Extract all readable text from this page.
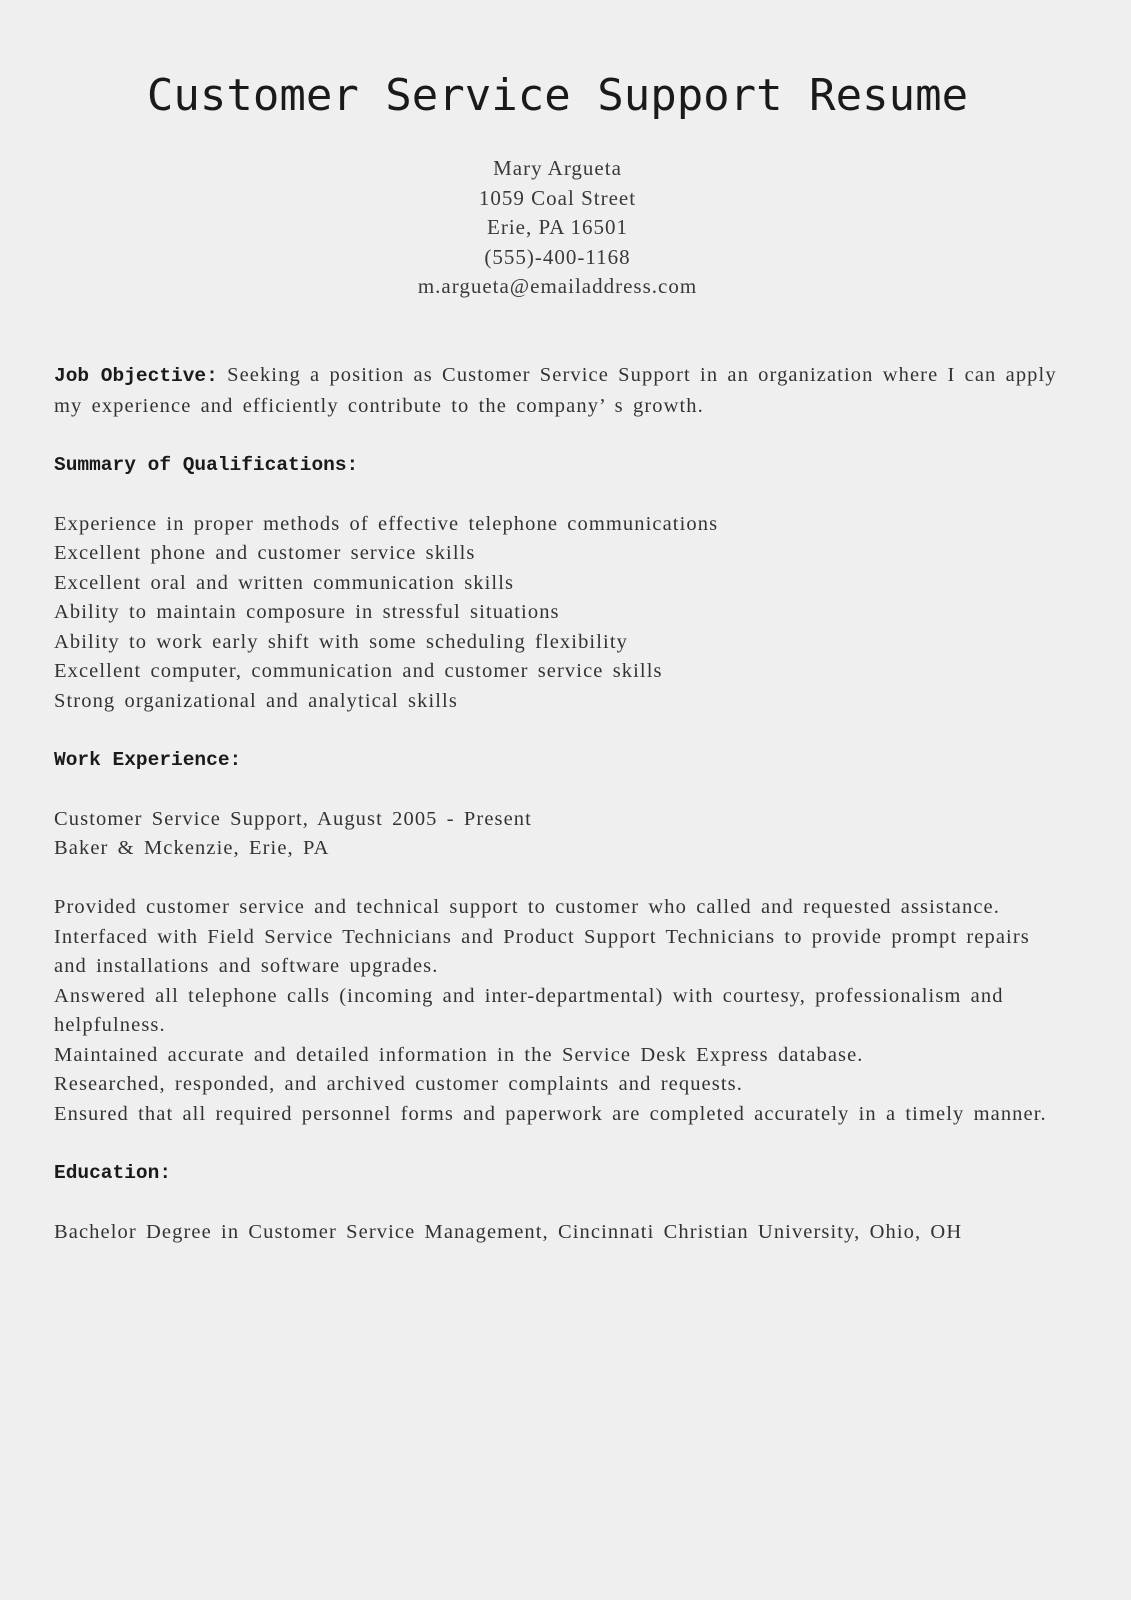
Customer Service Support Resume
Mary Argueta
1059 Coal Street
Erie, PA 16501
(555)-400-1168
m.argueta@emailaddress.com

Job Objective: Seeking a position as Customer Service Support in an organization where I can apply my experience and efficiently contribute to the company’ s growth.

Summary of Qualifications:
Experience in proper methods of effective telephone communications
Excellent phone and customer service skills
Excellent oral and written communication skills
Ability to maintain composure in stressful situations
Ability to work early shift with some scheduling flexibility
Excellent computer, communication and customer service skills
Strong organizational and analytical skills
Work Experience:
Customer Service Support, August 2005 - Present
Baker & Mckenzie, Erie, PA

Provided customer service and technical support to customer who called and requested assistance.

Interfaced with Field Service Technicians and Product Support Technicians to provide prompt repairs and installations and software upgrades.

Answered all telephone calls (incoming and inter-departmental) with courtesy, professionalism and helpfulness.

Maintained accurate and detailed information in the Service Desk Express database.

Researched, responded, and archived customer complaints and requests.

Ensured that all required personnel forms and paperwork are completed accurately in a timely manner.

Education:
Bachelor Degree in Customer Service Management, Cincinnati Christian University, Ohio, OH
